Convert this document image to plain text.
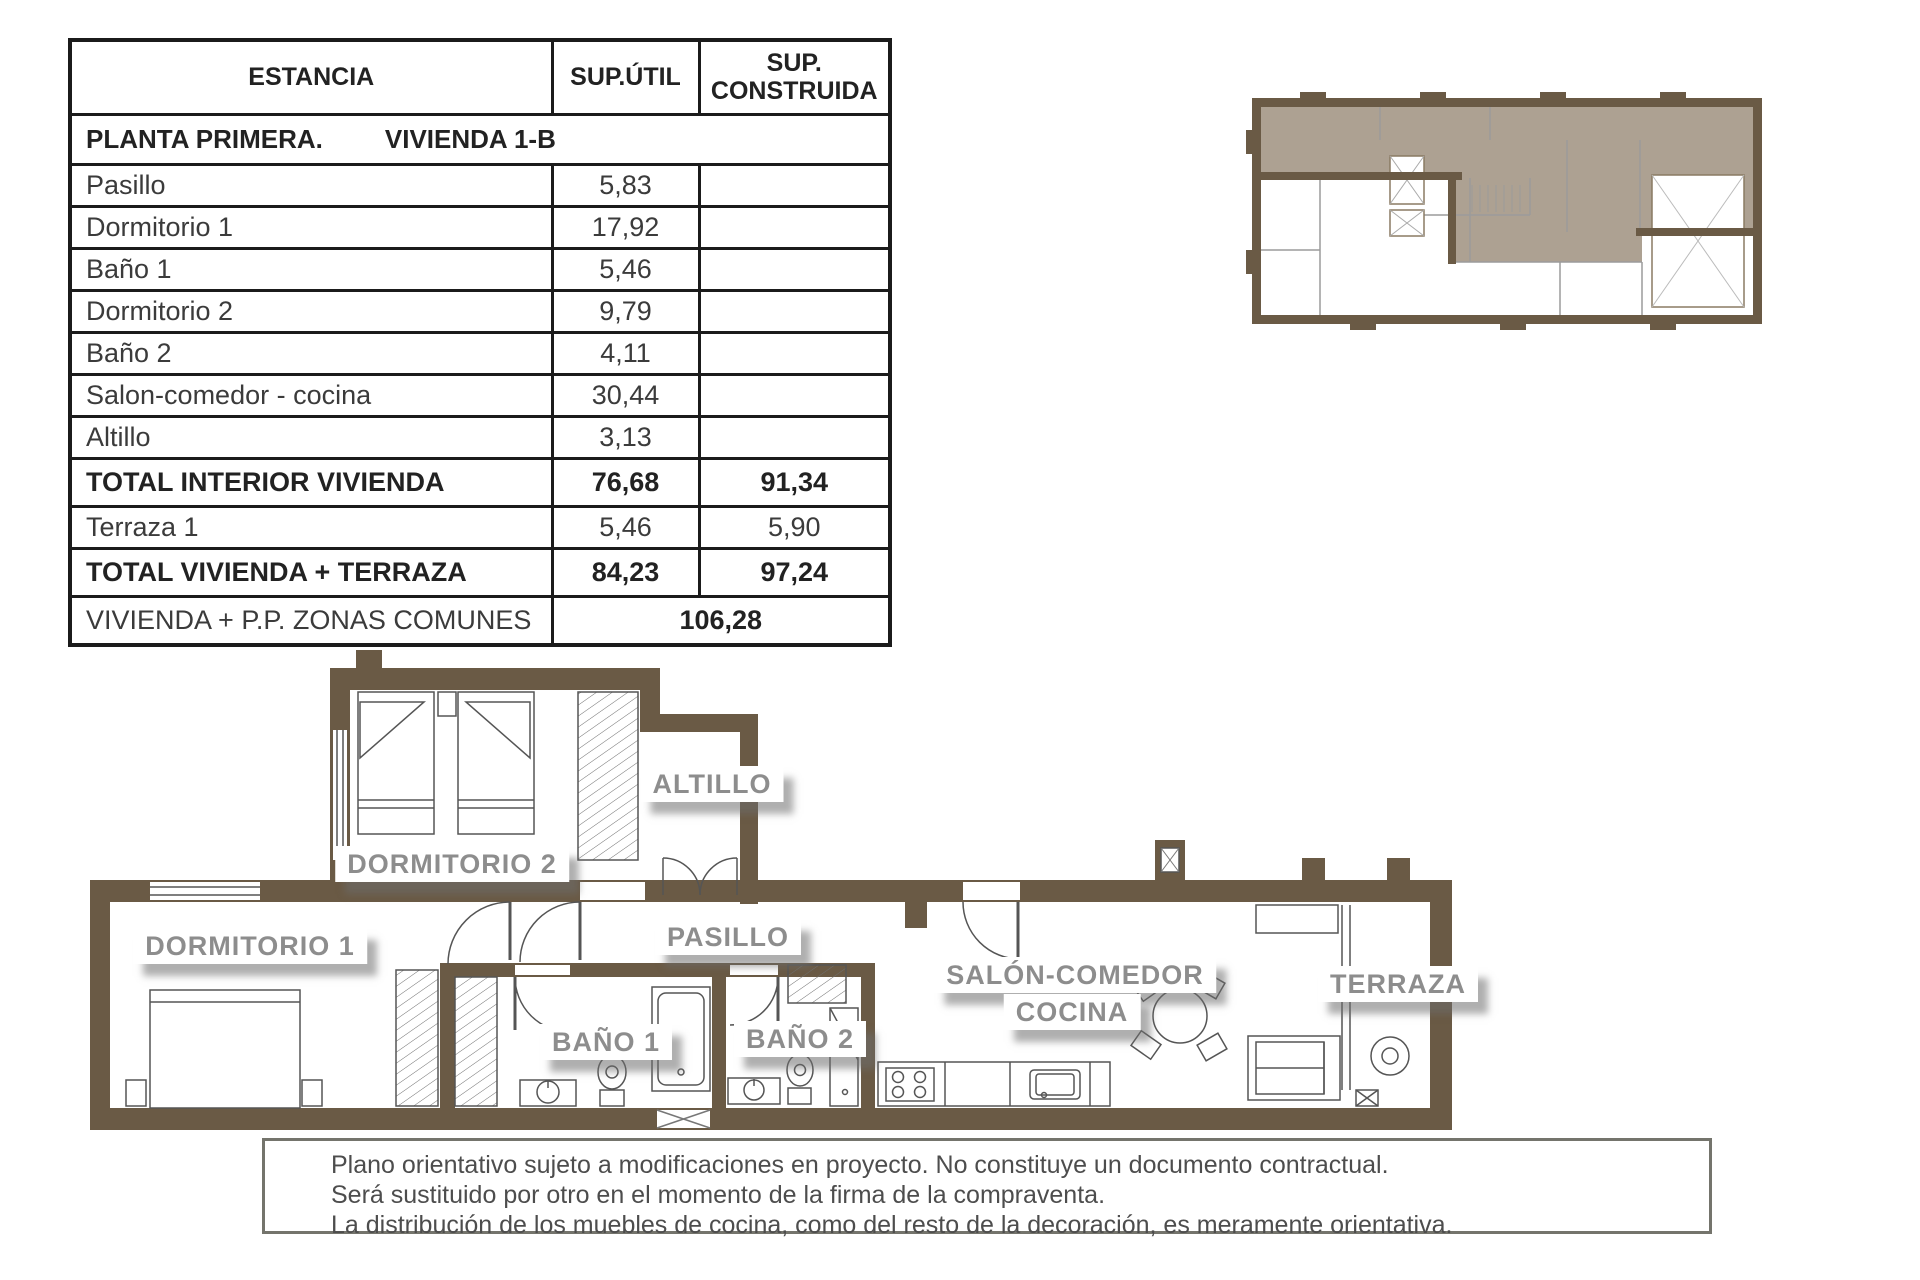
ESTANCIA	SUP.ÚTIL	SUP.
CONSTRUIDA
PLANTA PRIMERA. VIVIENDA 1-B		
Pasillo	5,83	
Dormitorio 1	17,92	
Baño 1	5,46	
Dormitorio 2	9,79	
Baño 2	4,11	
Salon-comedor - cocina	30,44	
Altillo	3,13	
TOTAL INTERIOR VIVIENDA	76,68	91,34
Terraza 1	5,46	5,90
TOTAL VIVIENDA + TERRAZA	84,23	97,24
VIVIENDA + P.P. ZONAS COMUNES	106,28	
ALTILLO
DORMITORIO 2
DORMITORIO 1	PASILLO
BAÑO 1	BAÑO 2
SALÓN-COMEDOR
COCINA
TERRAZA
Plano orientativo sujeto a modificaciones en proyecto. No constituye un documento contractual.
Será sustituido por otro en el momento de la firma de la compraventa.
La distribución de los muebles de cocina, como del resto de la decoración, es meramente orientativa.
